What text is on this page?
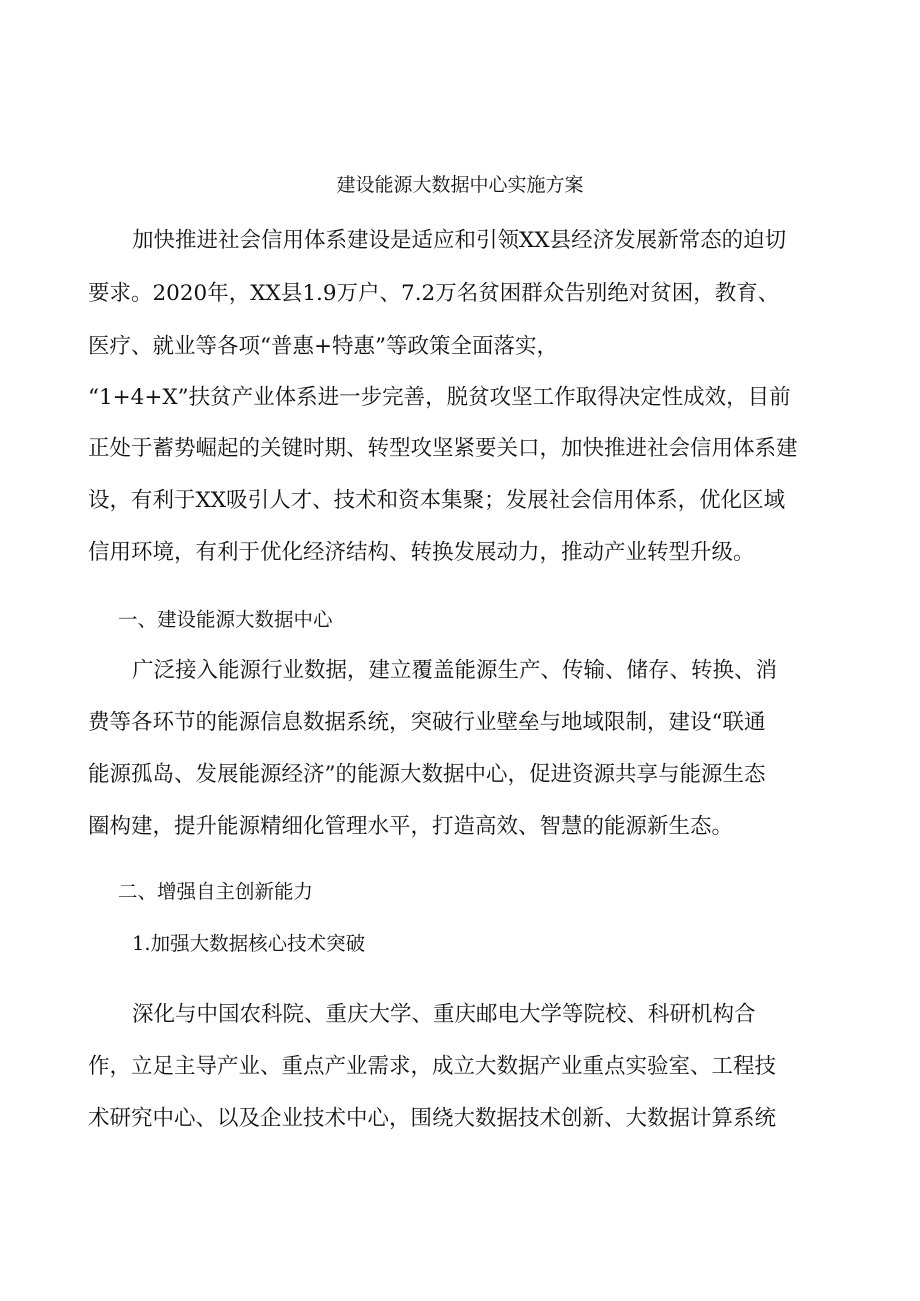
建设能源大数据中心实施方案

加快推进社会信用体系建设是适应和引领XX县经济发展新常态的迫切

要求。2020年，XX县1.9万户、7.2万名贫困群众告别绝对贫困，教育、

医疗、就业等各项“普惠+特惠”等政策全面落实，

“1+4+X”扶贫产业体系进一步完善，脱贫攻坚工作取得决定性成效，目前

正处于蓄势崛起的关键时期、转型攻坚紧要关口，加快推进社会信用体系建

设，有利于XX吸引人才、技术和资本集聚；发展社会信用体系，优化区域

信用环境，有利于优化经济结构、转换发展动力，推动产业转型升级。

一、建设能源大数据中心

广泛接入能源行业数据，建立覆盖能源生产、传输、储存、转换、消

费等各环节的能源信息数据系统，突破行业壁垒与地域限制，建设“联通

能源孤岛、发展能源经济”的能源大数据中心，促进资源共享与能源生态

圈构建，提升能源精细化管理水平，打造高效、智慧的能源新生态。

二、增强自主创新能力

1.加强大数据核心技术突破

深化与中国农科院、重庆大学、重庆邮电大学等院校、科研机构合

作，立足主导产业、重点产业需求，成立大数据产业重点实验室、工程技

术研究中心、以及企业技术中心，围绕大数据技术创新、大数据计算系统
